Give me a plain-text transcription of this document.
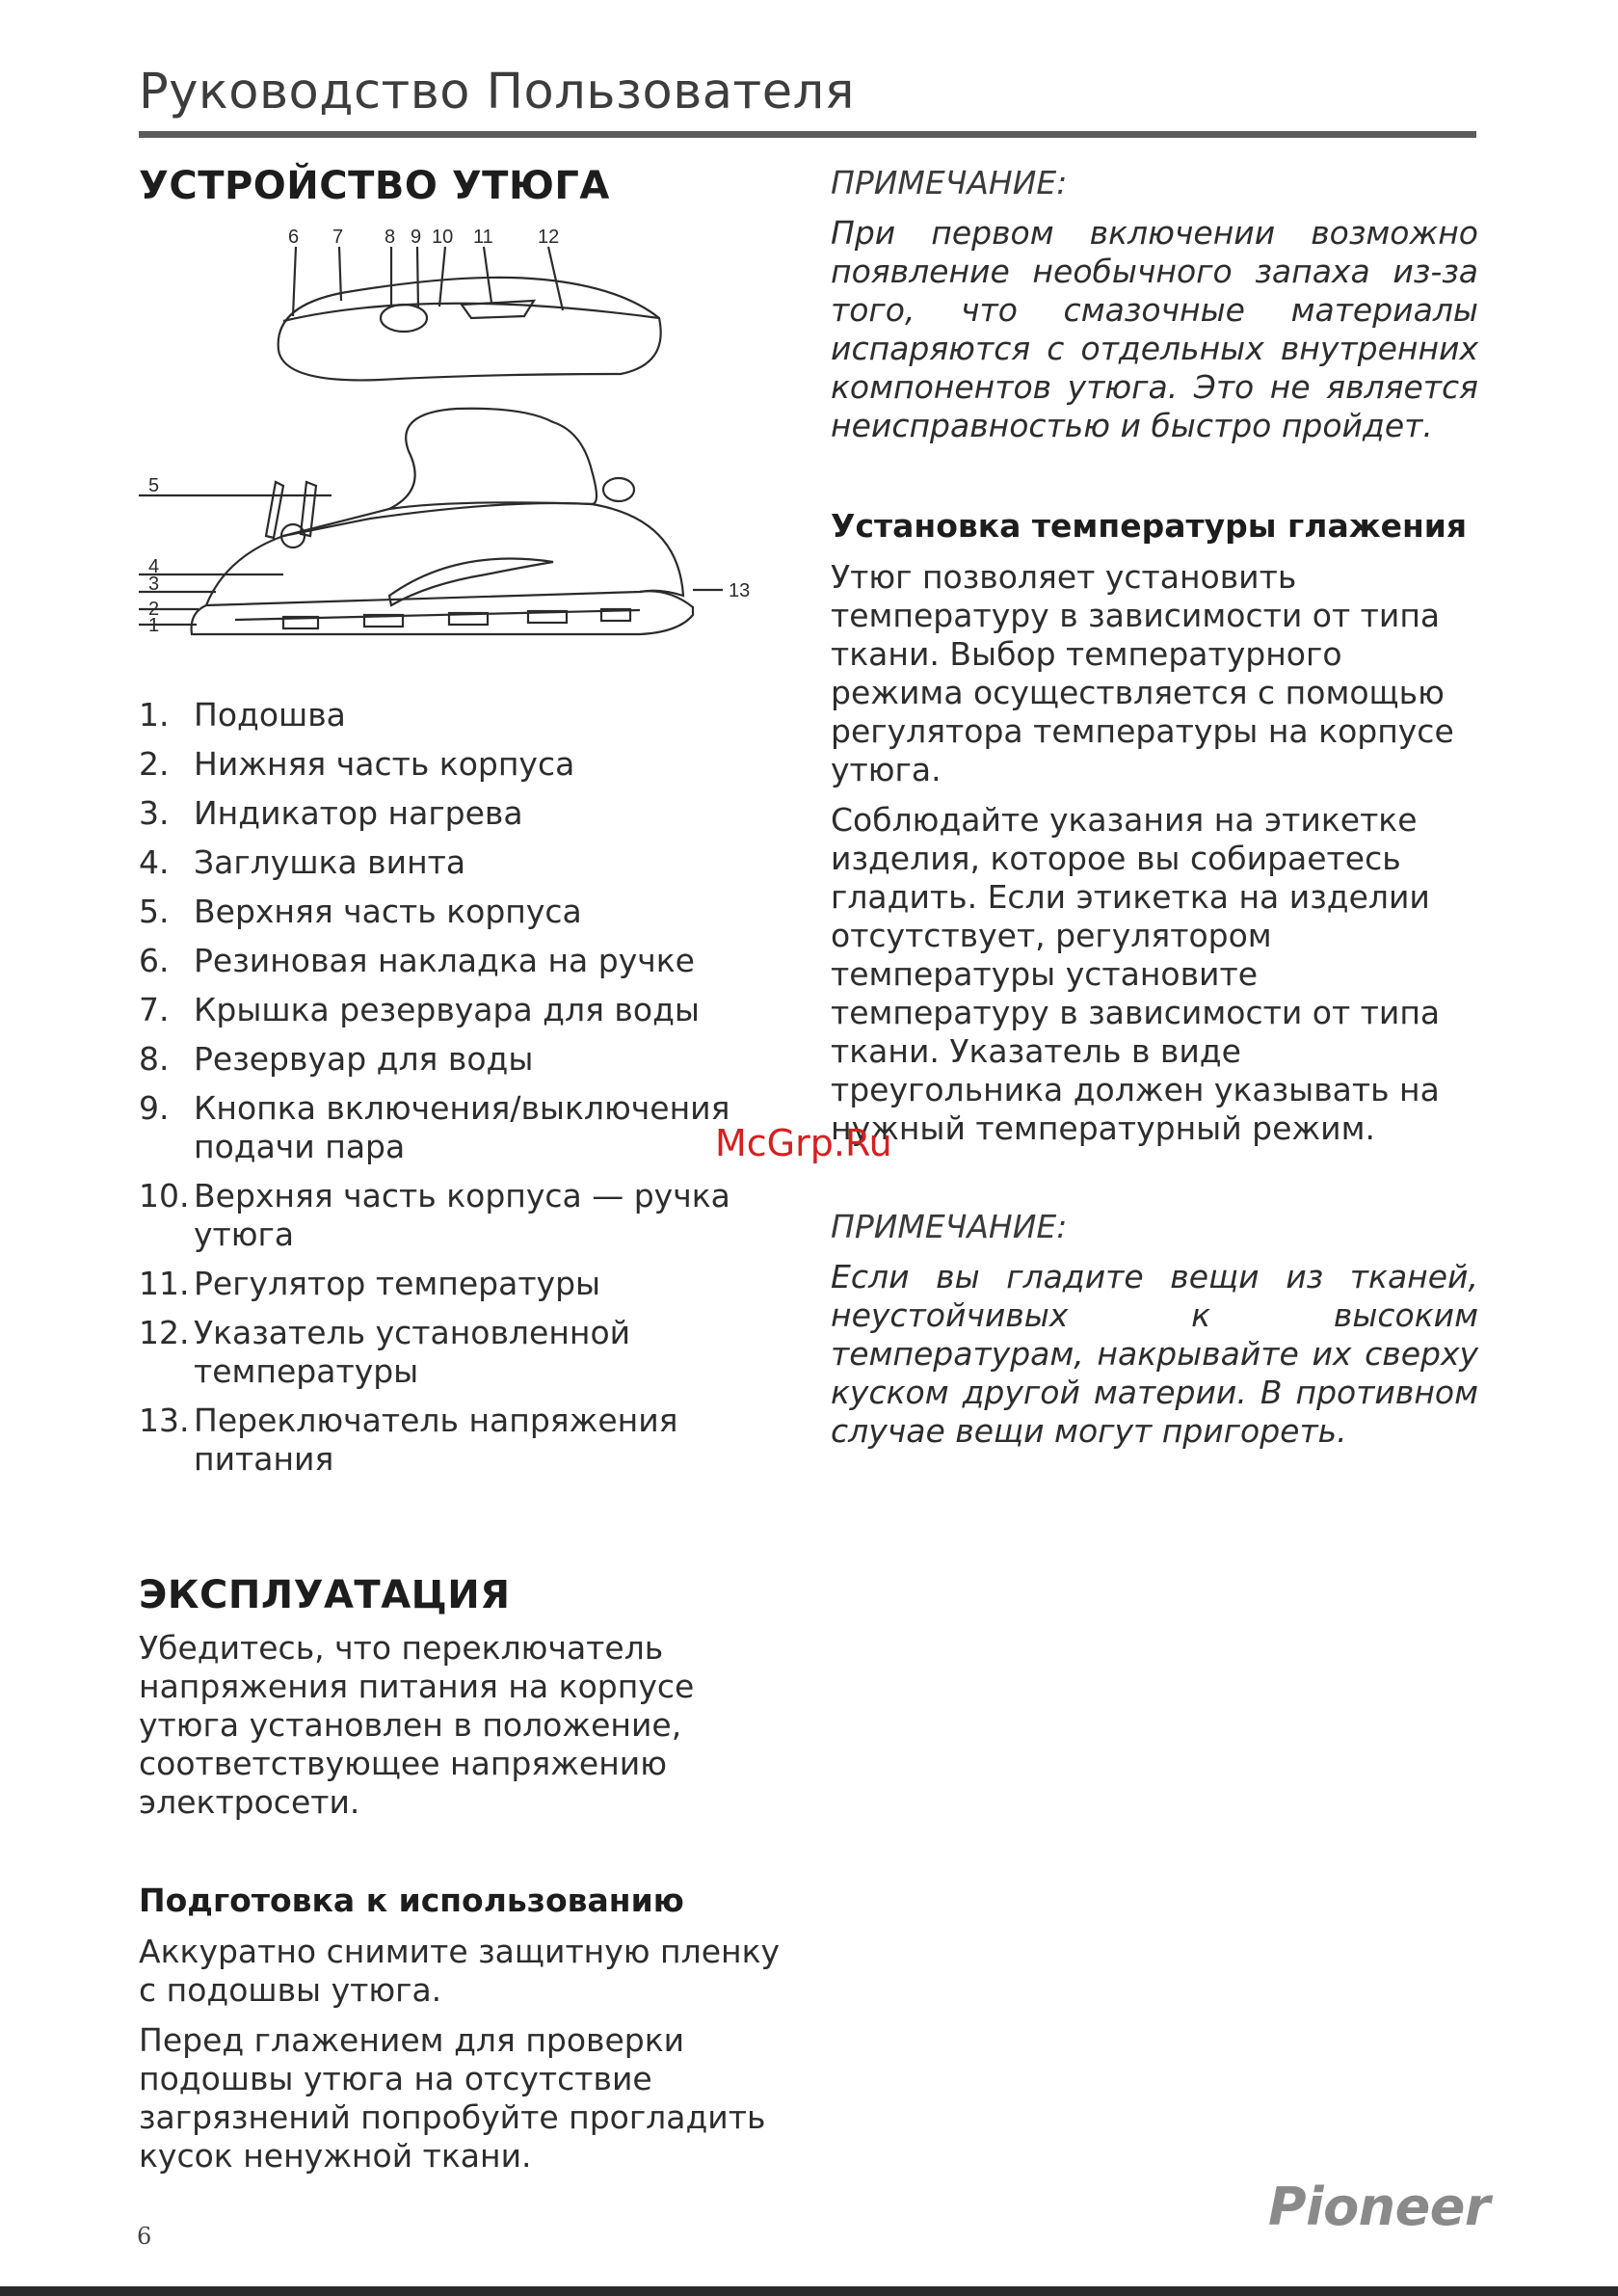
Руководство Пользователя
УСТРОЙСТВО УТЮГА
1
2
3
4
5
6 7 8 9 10 11 12
13
1. Подошва
2. Нижняя часть корпуса
3. Индикатор нагрева
4. Заглушка винта
5. Верхняя часть корпуса
6. Резиновая накладка на ручке
7. Крышка резервуара для воды
8. Резервуар для воды
9. Кнопка включения/выключения подачи пара
10. Верхняя часть корпуса — ручка утюга
11. Регулятор температуры
12. Указатель установленной температуры
13. Переключатель напряжения питания
ЭКСПЛУАТАЦИЯ

Убедитесь, что переключатель напряжения питания на корпусе утюга установлен в положение, соответствующее напряжению электросети.

Подготовка к использованию

Аккуратно снимите защитную пленку с подошвы утюга.

Перед глажением для проверки подошвы утюга на отсутствие загрязнений попробуйте прогладить кусок ненужной ткани.

ПРИМЕЧАНИЕ:

При первом включении возможно появление необычного запаха из-за того, что смазочные материалы испаряются с отдельных внутренних компонентов утюга. Это не является неисправностью и быстро пройдет.

Установка температуры глажения

Утюг позволяет установить температуру в зависимости от типа ткани. Выбор температурного режима осуществляется с помощью регулятора температуры на корпусе утюга.

Соблюдайте указания на этикетке изделия, которое вы собираетесь гладить. Если этикетка на изделии отсутствует, регулятором температуры установите температуру в зависимости от типа ткани. Указатель в виде треугольника должен указывать на нужный температурный режим.

ПРИМЕЧАНИЕ:

Если вы гладите вещи из тканей, неустойчивых к высоким температурам, накрывайте их сверху куском другой материи. В противном случае вещи могут пригореть.

McGrp.Ru
6	Pioneer
